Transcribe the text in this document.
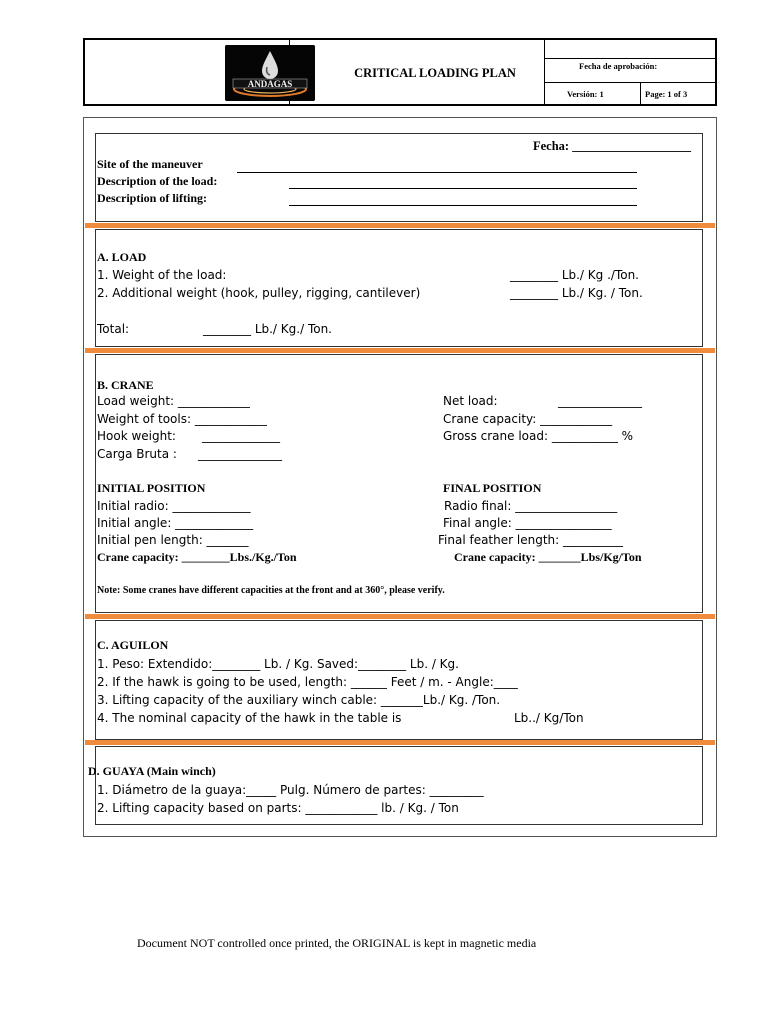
ANDAGAS
CRITICAL LOADING PLAN	Fecha de aprobación:
Versión: 1	Page: 1 of 3
Fecha: ___________________
Site of the maneuver
Description of the load:
Description of lifting:
A. LOAD
1. Weight of the load:	________ Lb./ Kg ./Ton.
2. Additional weight (hook, pulley, rigging, cantilever)	________ Lb./ Kg. / Ton.
Total:	________ Lb./ Kg./ Ton.
B. CRANE
Load weight: ____________
Weight of tools: ____________
Hook weight: _____________
Carga Bruta : ______________
Net load:	______________
Crane capacity: ____________
Gross crane load: ___________ %
INITIAL POSITION	FINAL POSITION
Initial radio: _____________
Initial angle: _____________
Initial pen length: _______
Crane capacity: ________Lbs./Kg./Ton
Radio final: _________________
Final angle: ________________
Final feather length: __________
Crane capacity: _______Lbs/Kg/Ton
Note: Some cranes have different capacities at the front and at 360°, please verify.
C. AGUILON
1. Peso: Extendido:________ Lb. / Kg. Saved:________ Lb. / Kg.
2. If the hawk is going to be used, length: ______ Feet / m. - Angle:____
3. Lifting capacity of the auxiliary winch cable: _______Lb./ Kg. /Ton.
4. The nominal capacity of the hawk in the table is	Lb../ Kg/Ton
D. GUAYA (Main winch)
1. Diámetro de la guaya:_____ Pulg. Número de partes: _________
2. Lifting capacity based on parts: ____________ lb. / Kg. / Ton
Document NOT controlled once printed, the ORIGINAL is kept in magnetic media
